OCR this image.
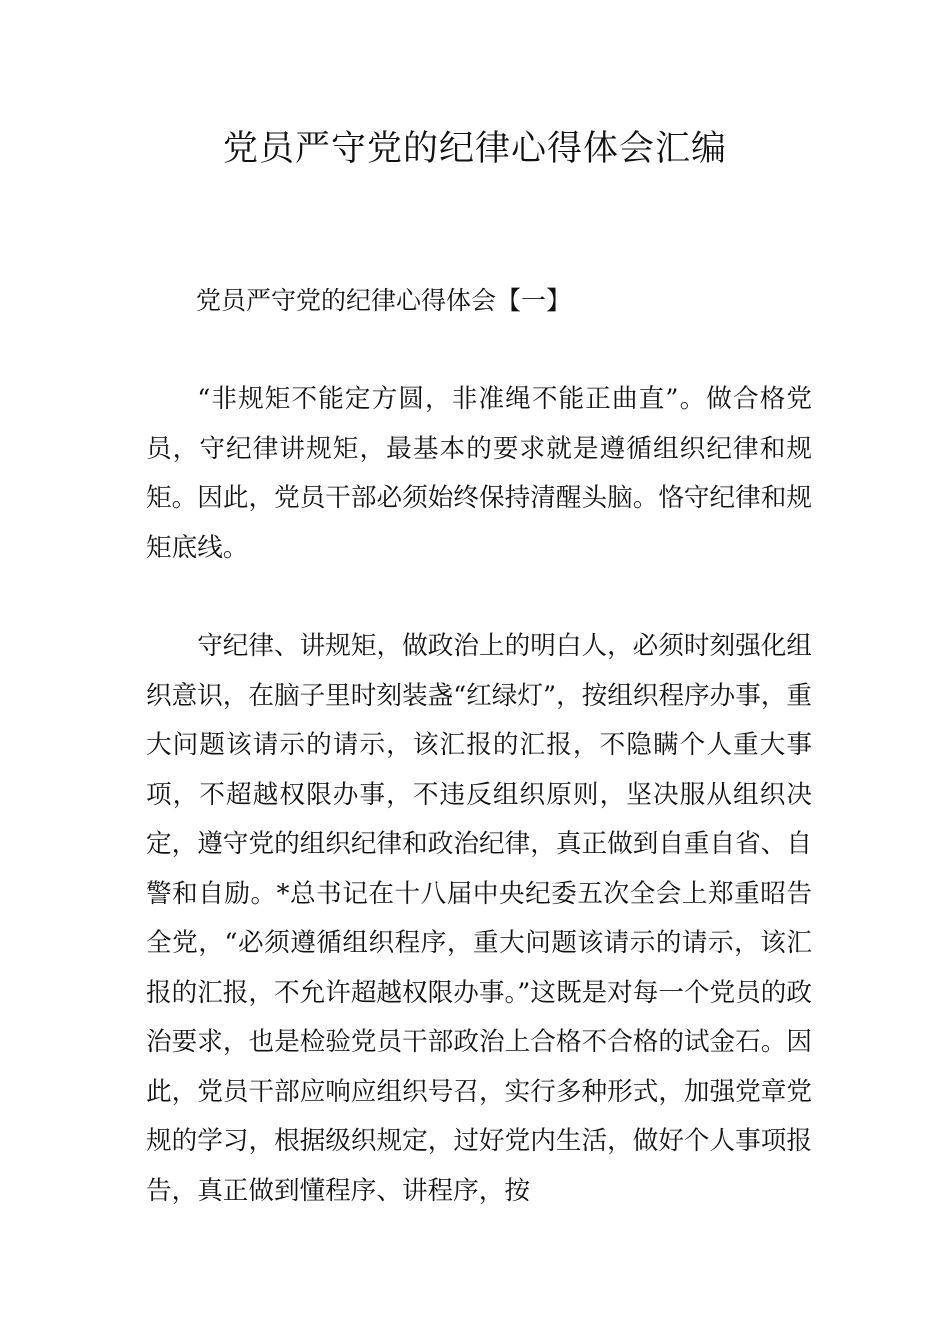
党员严守党的纪律心得体会汇编

党员严守党的纪律心得体会【一】

“非规矩不能定方圆，非准绳不能正曲直”。做合格党员，守纪律讲规矩，最基本的要求就是遵循组织纪律和规矩。因此，党员干部必须始终保持清醒头脑。恪守纪律和规矩底线。

守纪律、讲规矩，做政治上的明白人，必须时刻强化组织意识，在脑子里时刻装盏“红绿灯”，按组织程序办事，重大问题该请示的请示，该汇报的汇报，不隐瞒个人重大事项，不超越权限办事，不违反组织原则，坚决服从组织决定，遵守党的组织纪律和政治纪律，真正做到自重自省、自警和自励。*总书记在十八届中央纪委五次全会上郑重昭告全党，“必须遵循组织程序，重大问题该请示的请示，该汇报的汇报，不允许超越权限办事。”这既是对每一个党员的政治要求，也是检验党员干部政治上合格不合格的试金石。因此，党员干部应响应组织号召，实行多种形式，加强党章党规的学习，根据级织规定，过好党内生活，做好个人事项报告，真正做到懂程序、讲程序，按
